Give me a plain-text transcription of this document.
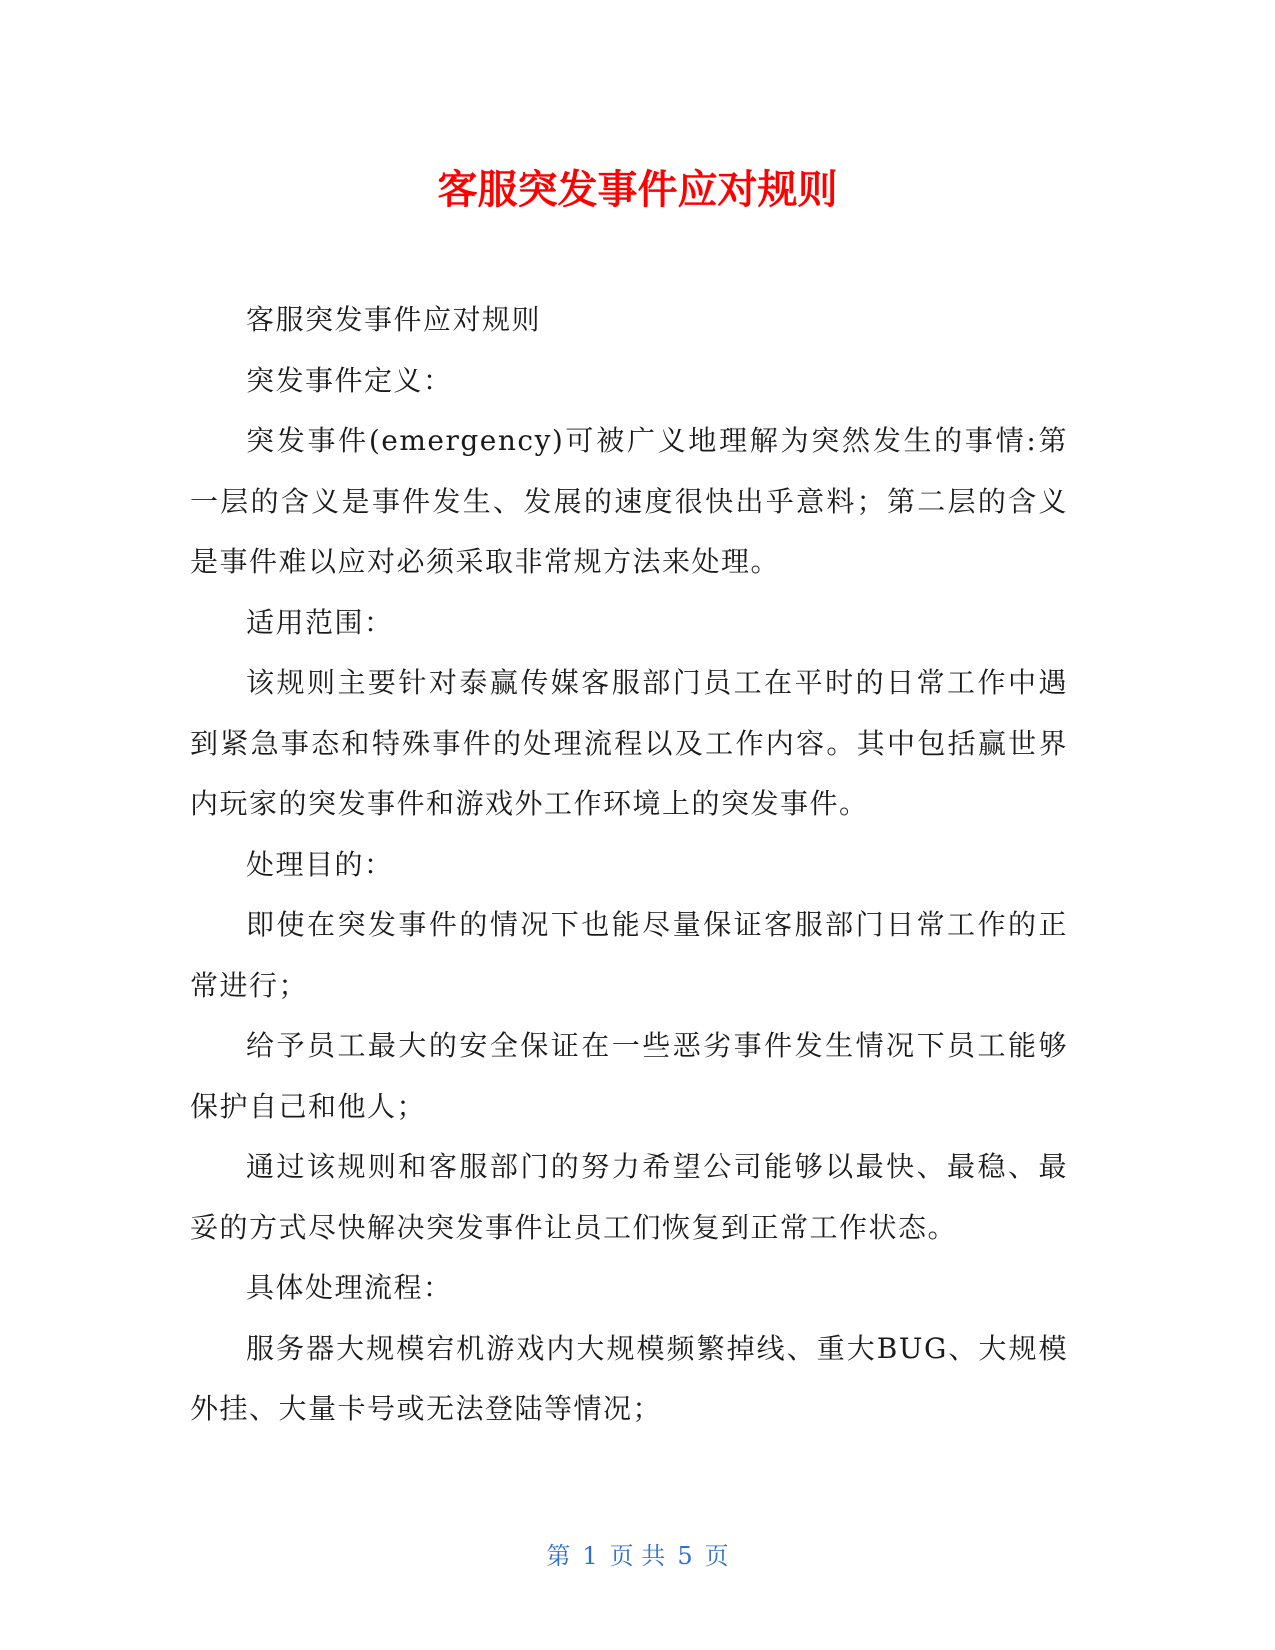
客服突发事件应对规则

客服突发事件应对规则

突发事件定义：

突发事件(emergency)可被广义地理解为突然发生的事情:第一层的含义是事件发生、发展的速度很快出乎意料；第二层的含义是事件难以应对必须采取非常规方法来处理。

适用范围：

该规则主要针对泰赢传媒客服部门员工在平时的日常工作中遇到紧急事态和特殊事件的处理流程以及工作内容。其中包括赢世界内玩家的突发事件和游戏外工作环境上的突发事件。

处理目的：

即使在突发事件的情况下也能尽量保证客服部门日常工作的正常进行；

给予员工最大的安全保证在一些恶劣事件发生情况下员工能够保护自己和他人；

通过该规则和客服部门的努力希望公司能够以最快、最稳、最妥的方式尽快解决突发事件让员工们恢复到正常工作状态。

具体处理流程：

服务器大规模宕机游戏内大规模频繁掉线、重大BUG、大规模外挂、大量卡号或无法登陆等情况；

第 1 页 共 5 页
